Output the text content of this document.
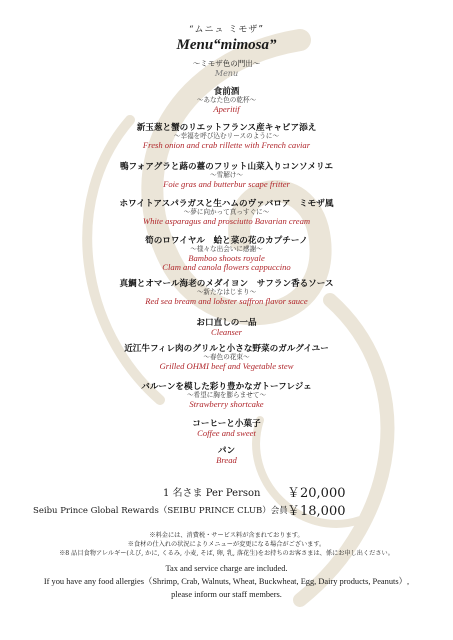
“ムニュ ミモザ”
Menu“mimosa”
～ミモザ色の門出～
Menu
食前酒
～あなた色の乾杯～
Aperitif
新玉葱と蟹のリエットフランス産キャビア添え
～幸福を呼び込むリースのように～
Fresh onion and crab rillette with French caviar
鴨フォアグラと蕗の薹のフリット山菜入りコンソメリエ
～雪解け～
Foie gras and butterbur scape fritter
ホワイトアスパラガスと生ハムのヴァバロア　ミモザ風
～夢に向かって真っすぐに～
White asparagus and prosciutto Bavarian cream
筍のロワイヤル　蛤と菜の花のカプチーノ
～様々な出会いに感謝～
Bamboo shoots royale
Clam and canola flowers cappuccino
真鯛とオマール海老のメダイヨン　サフラン香るソース
～新たなはじまり～
Red sea bream and lobster saffron flavor sauce
お口直しの一品
Cleanser
近江牛フィレ肉のグリルと小さな野菜のガルグイユー
～春色の花束～
Grilled OHMI beef and Vegetable stew
バルーンを模した彩り豊かなガトーフレジェ
～希望に胸を膨らませて～
Strawberry shortcake
コーヒーと小菓子
Coffee and sweet
パン
Bread
1 名さま Per Person ￥20,000
Seibu Prince Global Rewards（SEIBU PRINCE CLUB）会員 ￥18,000
※料金には、消費税・サービス料が含まれております。
※食材の仕入れの状況によりメニューが変更になる場合がございます。
※8 品目食物アレルギー(えび, かに, くるみ, 小麦, そば, 卵, 乳, 落花生)をお持ちのお客さまは、係にお申し出ください。
Tax and service charge are included.
If you have any food allergies（Shrimp, Crab, Walnuts, Wheat, Buckwheat, Egg, Dairy products, Peanuts）,
please inform our staff members.
